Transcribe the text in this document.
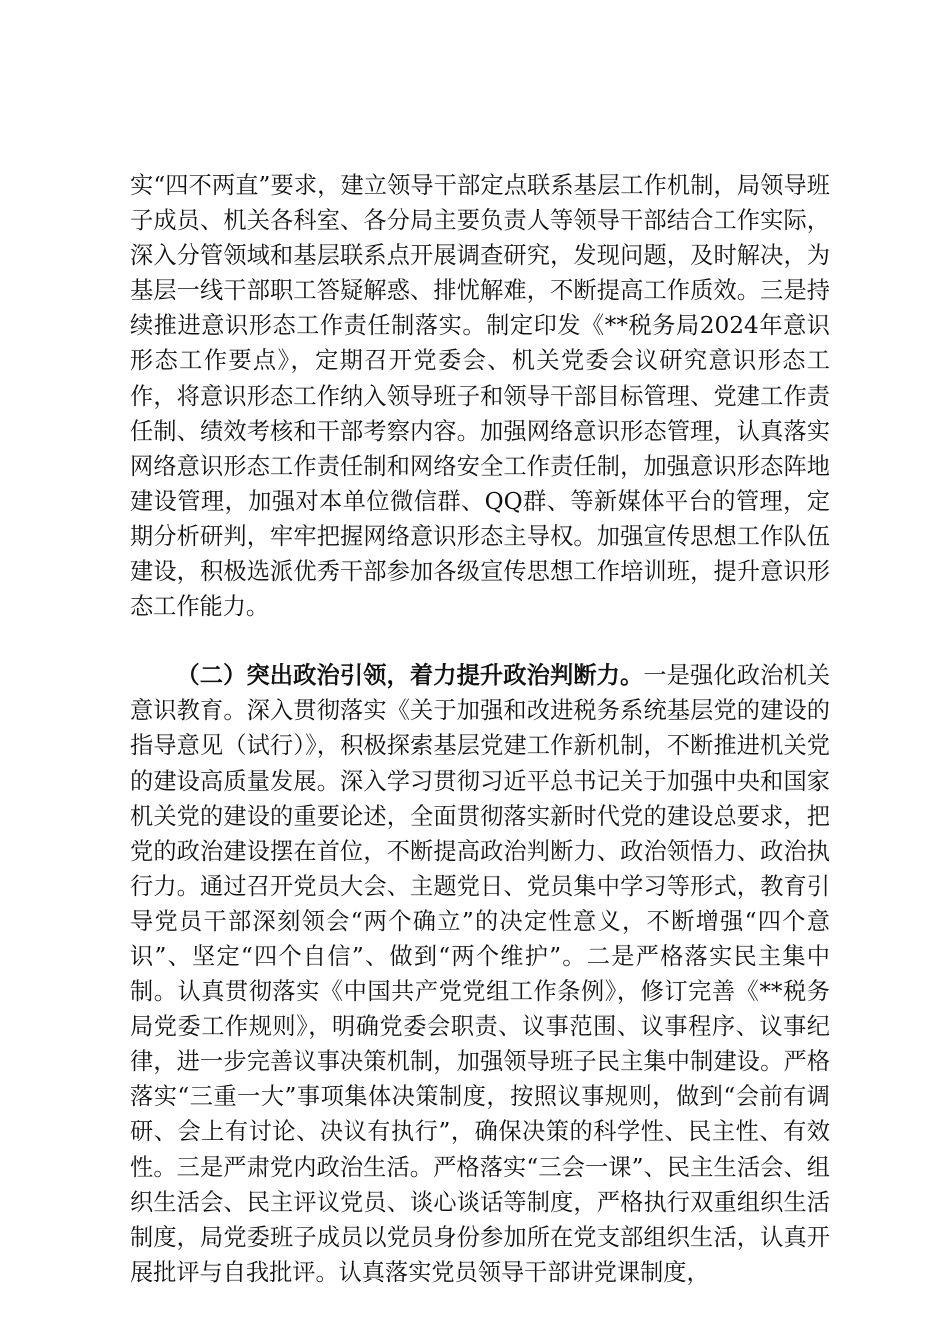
实“四不两直”要求，建立领导干部定点联系基层工作机制，局领导班子成员、机关各科室、各分局主要负责人等领导干部结合工作实际，深入分管领域和基层联系点开展调查研究，发现问题，及时解决，为基层一线干部职工答疑解惑、排忧解难，不断提高工作质效。三是持续推进意识形态工作责任制落实。制定印发《**税务局2024年意识形态工作要点》，定期召开党委会、机关党委会议研究意识形态工作，将意识形态工作纳入领导班子和领导干部目标管理、党建工作责任制、绩效考核和干部考察内容。加强网络意识形态管理，认真落实网络意识形态工作责任制和网络安全工作责任制，加强意识形态阵地建设管理，加强对本单位微信群、QQ群、等新媒体平台的管理，定期分析研判，牢牢把握网络意识形态主导权。加强宣传思想工作队伍建设，积极选派优秀干部参加各级宣传思想工作培训班，提升意识形态工作能力。

（二）突出政治引领，着力提升政治判断力。一是强化政治机关意识教育。深入贯彻落实《关于加强和改进税务系统基层党的建设的指导意见（试行）》，积极探索基层党建工作新机制，不断推进机关党的建设高质量发展。深入学习贯彻习近平总书记关于加强中央和国家机关党的建设的重要论述，全面贯彻落实新时代党的建设总要求，把党的政治建设摆在首位，不断提高政治判断力、政治领悟力、政治执行力。通过召开党员大会、主题党日、党员集中学习等形式，教育引导党员干部深刻领会“两个确立”的决定性意义，不断增强“四个意识”、坚定“四个自信”、做到“两个维护”。二是严格落实民主集中制。认真贯彻落实《中国共产党党组工作条例》，修订完善《**税务局党委工作规则》，明确党委会职责、议事范围、议事程序、议事纪律，进一步完善议事决策机制，加强领导班子民主集中制建设。严格落实“三重一大”事项集体决策制度，按照议事规则，做到“会前有调研、会上有讨论、决议有执行”，确保决策的科学性、民主性、有效性。三是严肃党内政治生活。严格落实“三会一课”、民主生活会、组织生活会、民主评议党员、谈心谈话等制度，严格执行双重组织生活制度，局党委班子成员以党员身份参加所在党支部组织生活，认真开展批评与自我批评。认真落实党员领导干部讲党课制度，
